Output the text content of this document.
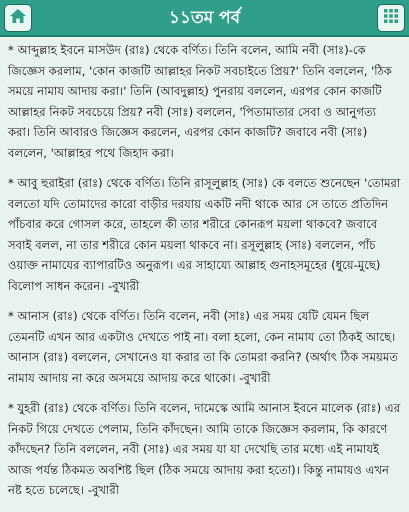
১১তম পর্ব

* আব্দুল্লাহ ইবনে মাসউদ (রাঃ) থেকে বর্ণিত। তিনি বলেন, আমি নবী (সাঃ)-কে জিজ্ঞেস করলাম, 'কোন কাজটি আল্লাহর নিকট সবচাইতে প্রিয়?' তিনি বললেন, 'ঠিক সময়ে নামায আদায় করা।' তিনি (আবদুল্লাহ) পুনরায় বললেন, এরপর কোন কাজটি আল্লাহর নিকট সবচেয়ে প্রিয়? নবী (সাঃ) বললেন, 'পিতামাতার সেবা ও আনুগত্য করা। তিনি আবারও জিজ্ঞেস করলেন, এরপর কোন কাজটি? জবাবে নবী (সাঃ) বললেন, 'আল্লাহর পথে জিহাদ করা।

* আবু হুরাইরা (রাঃ) থেকে বর্ণিত। তিনি রাসূলুল্লাহ (সাঃ) কে বলতে শুনেছেন 'তোমরা বলতো যদি তোমাদের কারো বাড়ীর দরযায় একটি নদী থাকে আর সে তাতে প্রতিদিন পাঁচবার করে গোসল করে, তাহলে কী তার শরীরে কোনরূপ ময়লা থাকবে? জবাবে সবাই বলল, না তার শরীরে কোন ময়লা থাকবে না। রসূলুল্লাহ (সাঃ) বললেন, পাঁচ ওয়াক্ত নামাযের ব্যাপারটিও অনুরূপ। এর সাহায্যে আল্লাহ গুনাহসমূহের (ধুয়ে-মুছে) বিলোপ সাধন করেন। -বুখারী

* আনাস (রাঃ) থেকে বর্ণিত। তিনি বলেন, নবী (সাঃ) এর সময় যেটি যেমন ছিল তেমনটি এখন আর একটাও দেখতে পাই না। বলা হলো, কেন নামায তো ঠিকই আছে। আনাস (রাঃ) বললেন, সেখানেও যা করার তা কি তোমরা করনি? (অর্থাৎ ঠিক সময়মত নামায আদায় না করে অসময়ে আদায় করে থাকো। -বুখারী

* যুহরী (রাঃ) থেকে বর্ণিত। তিনি বলেন, দামেস্কে আমি আনাস ইবনে মালেক (রাঃ) এর নিকট গিয়ে দেখতে পেলাম, তিনি কাঁদছেন। আমি তাকে জিজ্ঞেস করলাম, কি কারণে কাঁদছেন? তিনি বললেন, নবী (সাঃ) এর সময় যা যা দেখেছি তার মধ্যে এই নামাযই আজ পর্যন্ত ঠিকমত অবশিষ্ট ছিল (ঠিক সময়ে আদায় করা হতো)। কিন্তু নামাযও এখন নষ্ট হতে চলেছে। -বুখারী
